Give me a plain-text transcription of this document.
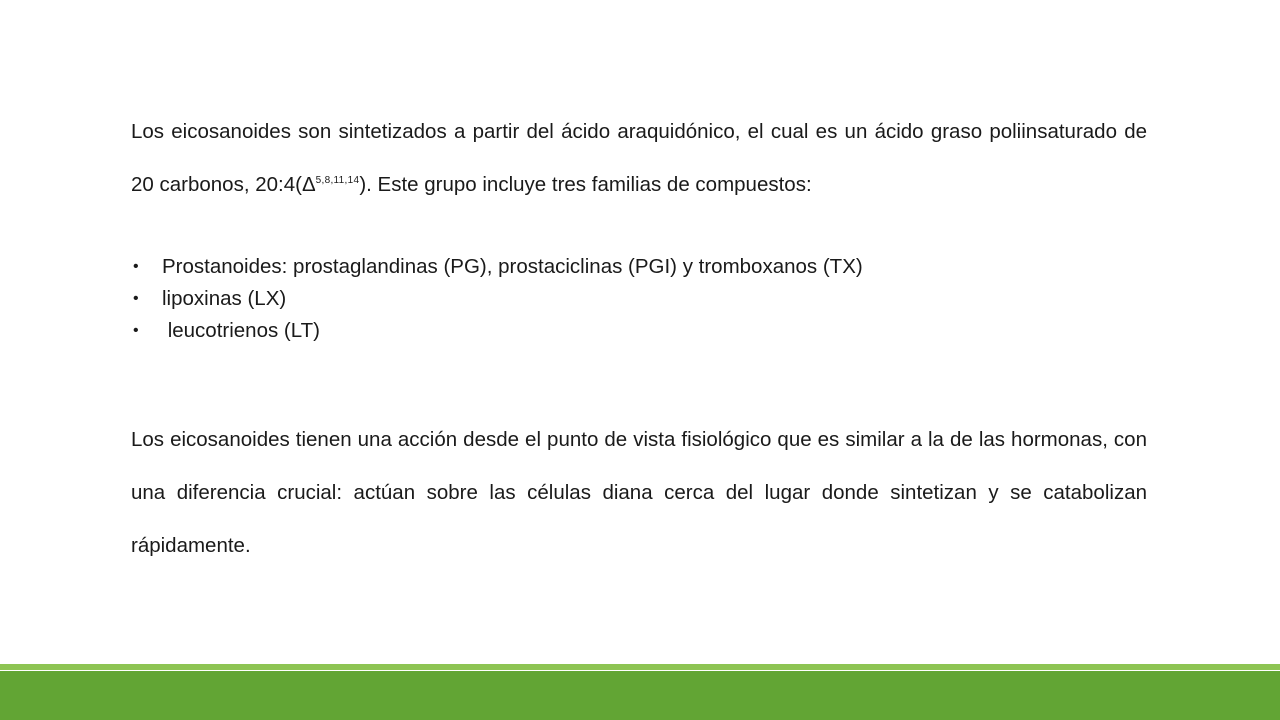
Los eicosanoides son sintetizados a partir del ácido araquidónico, el cual es un ácido graso poliinsaturado de 20 carbonos, $20:4(\Delta^{5,8,11,14})$. Este grupo incluye tres familias de compuestos:

• Prostanoides: prostaglandinas (PG), prostaciclinas (PGI) y tromboxanos (TX)
• lipoxinas (LX)
• leucotrienos (LT)

Los eicosanoides tienen una acción desde el punto de vista fisiológico que es similar a la de las hormonas, con una diferencia crucial: actúan sobre las células diana cerca del lugar donde sintetizan y se catabolizan rápidamente.
